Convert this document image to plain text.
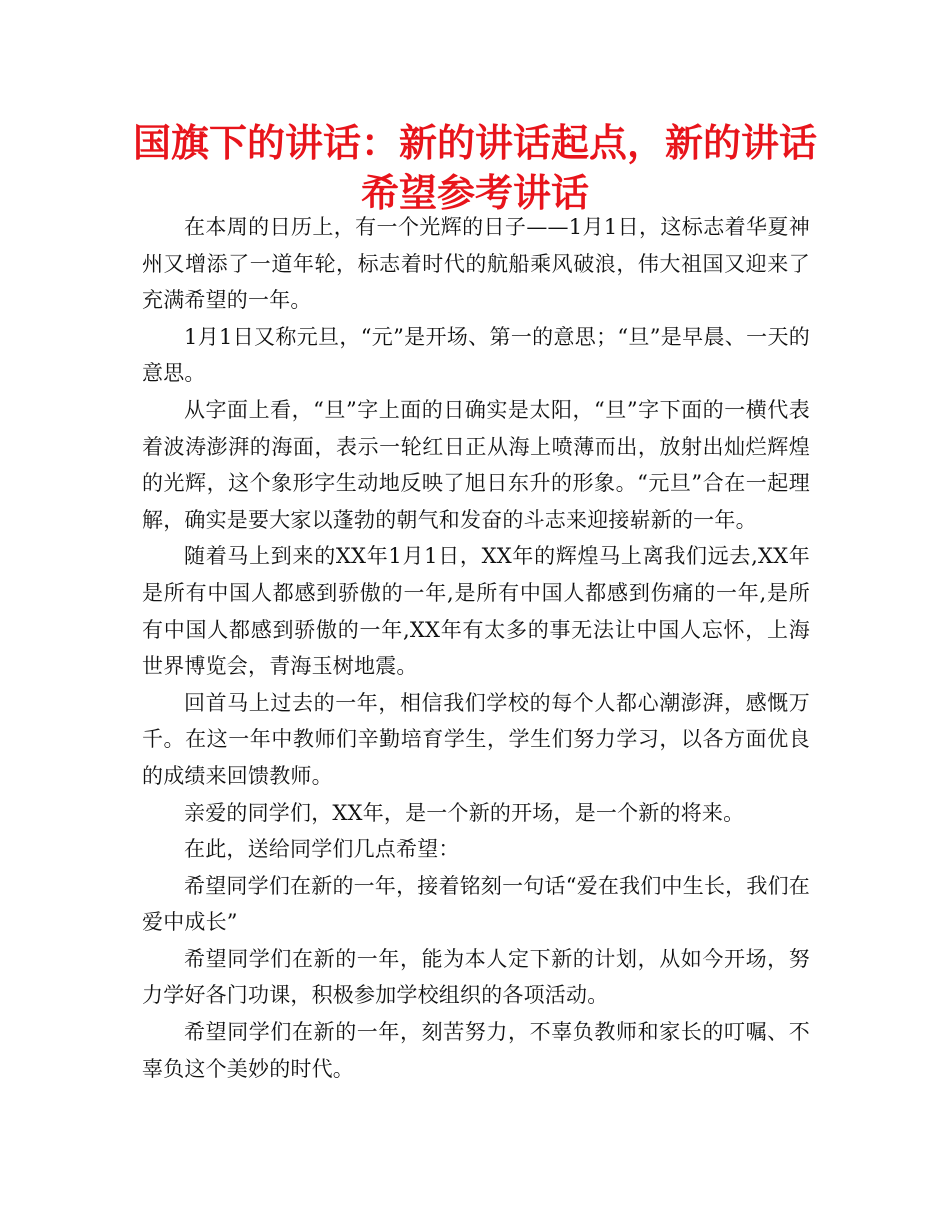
国旗下的讲话：新的讲话起点，新的讲话希望参考讲话

在本周的日历上，有一个光辉的日子——1月1日，这标志着华夏神州又增添了一道年轮，标志着时代的航船乘风破浪，伟大祖国又迎来了充满希望的一年。

1月1日又称元旦，“元”是开场、第一的意思；“旦”是早晨、一天的意思。

从字面上看，“旦”字上面的日确实是太阳，“旦”字下面的一横代表着波涛澎湃的海面，表示一轮红日正从海上喷薄而出，放射出灿烂辉煌的光辉，这个象形字生动地反映了旭日东升的形象。“元旦”合在一起理解，确实是要大家以蓬勃的朝气和发奋的斗志来迎接崭新的一年。

随着马上到来的XX年1月1日，XX年的辉煌马上离我们远去,XX年是所有中国人都感到骄傲的一年,是所有中国人都感到伤痛的一年,是所有中国人都感到骄傲的一年,XX年有太多的事无法让中国人忘怀，上海世界博览会，青海玉树地震。

回首马上过去的一年，相信我们学校的每个人都心潮澎湃，感慨万千。在这一年中教师们辛勤培育学生，学生们努力学习，以各方面优良的成绩来回馈教师。

亲爱的同学们，XX年，是一个新的开场，是一个新的将来。

在此，送给同学们几点希望：

希望同学们在新的一年，接着铭刻一句话“爱在我们中生长，我们在爱中成长”

希望同学们在新的一年，能为本人定下新的计划，从如今开场，努力学好各门功课，积极参加学校组织的各项活动。

希望同学们在新的一年，刻苦努力，不辜负教师和家长的叮嘱、不辜负这个美妙的时代。
